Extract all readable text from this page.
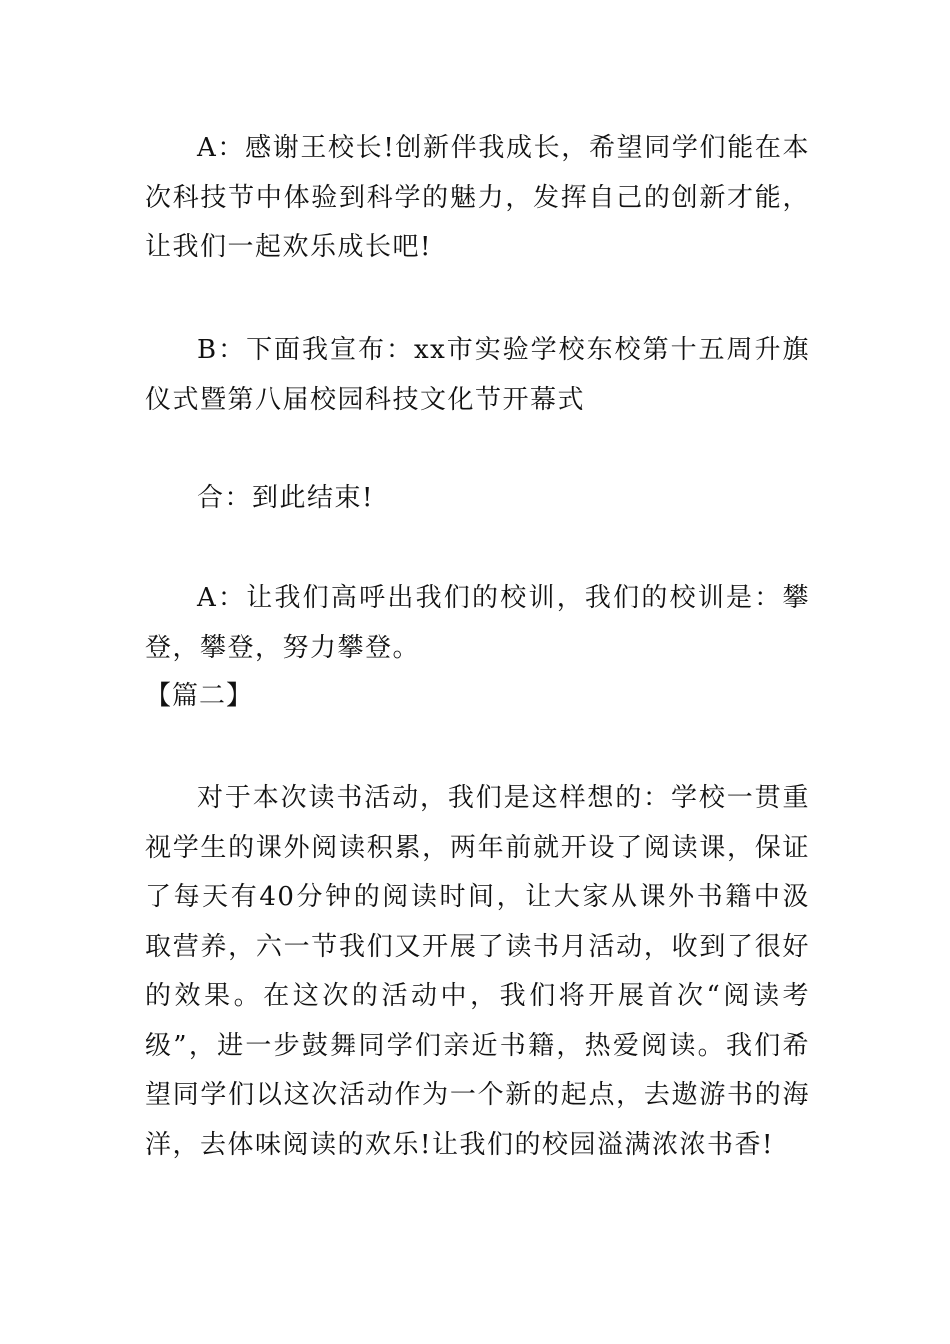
A：感谢王校长!创新伴我成长，希望同学们能在本次科技节中体验到科学的魅力，发挥自己的创新才能，让我们一起欢乐成长吧!

B：下面我宣布：xx市实验学校东校第十五周升旗仪式暨第八届校园科技文化节开幕式

合：到此结束!

A：让我们高呼出我们的校训，我们的校训是：攀登，攀登，努力攀登。

【篇二】

对于本次读书活动，我们是这样想的：学校一贯重视学生的课外阅读积累，两年前就开设了阅读课，保证了每天有40分钟的阅读时间，让大家从课外书籍中汲取营养，六一节我们又开展了读书月活动，收到了很好的效果。在这次的活动中，我们将开展首次“阅读考级”，进一步鼓舞同学们亲近书籍，热爱阅读。我们希望同学们以这次活动作为一个新的起点，去遨游书的海洋，去体味阅读的欢乐!让我们的校园溢满浓浓书香!
